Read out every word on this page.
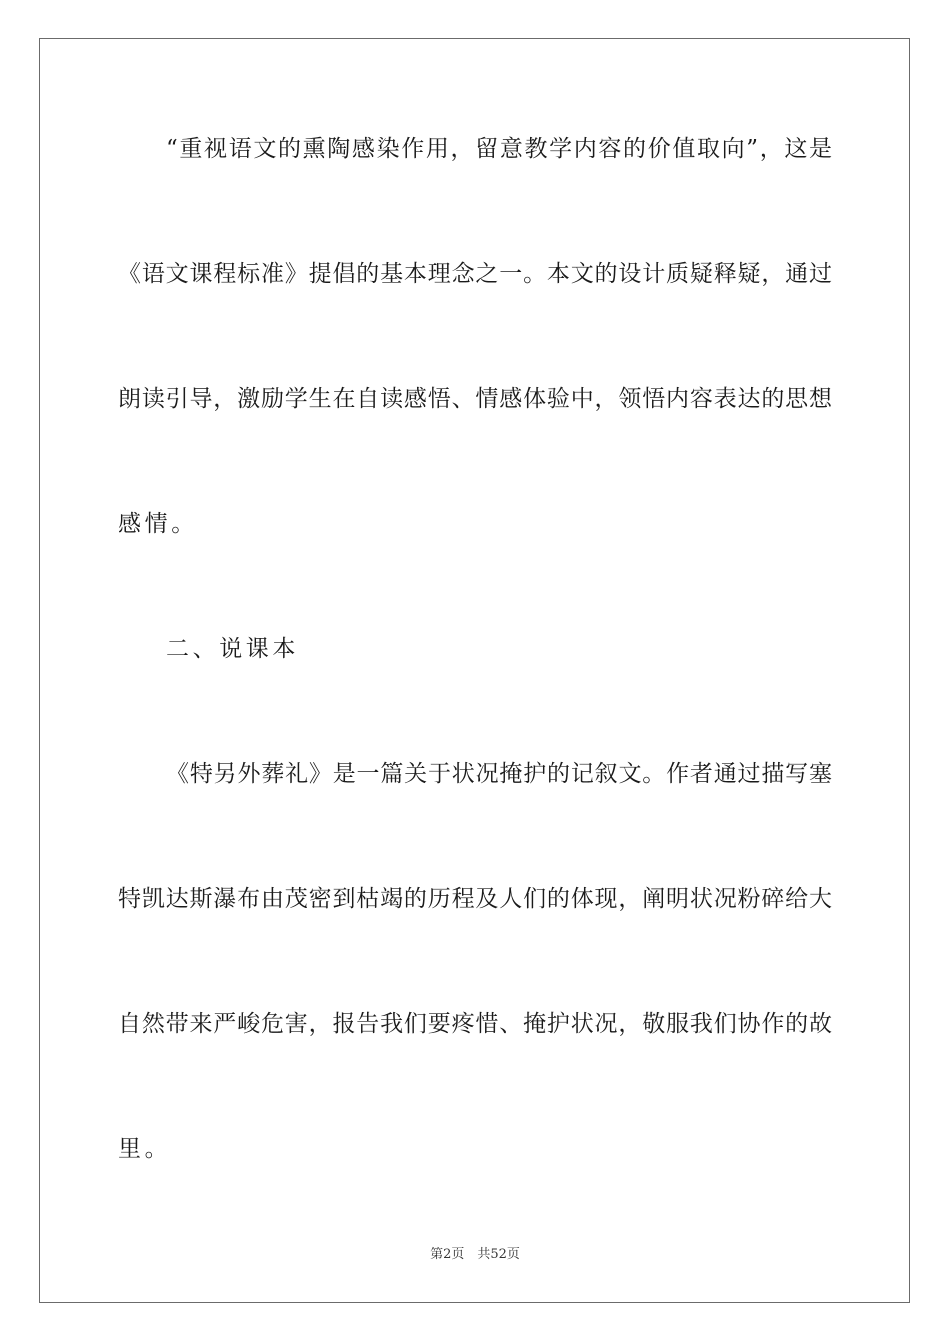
“重视语文的熏陶感染作用，留意教学内容的价值取向”，这是
《语文课程标准》提倡的基本理念之一。本文的设计质疑释疑，通过
朗读引导，激励学生在自读感悟、情感体验中，领悟内容表达的思想
感情。
二、说课本
《特另外葬礼》是一篇关于状况掩护的记叙文。作者通过描写塞
特凯达斯瀑布由茂密到枯竭的历程及人们的体现，阐明状况粉碎给大
自然带来严峻危害，报告我们要疼惜、掩护状况，敬服我们协作的故
里。
第2页　共52页
